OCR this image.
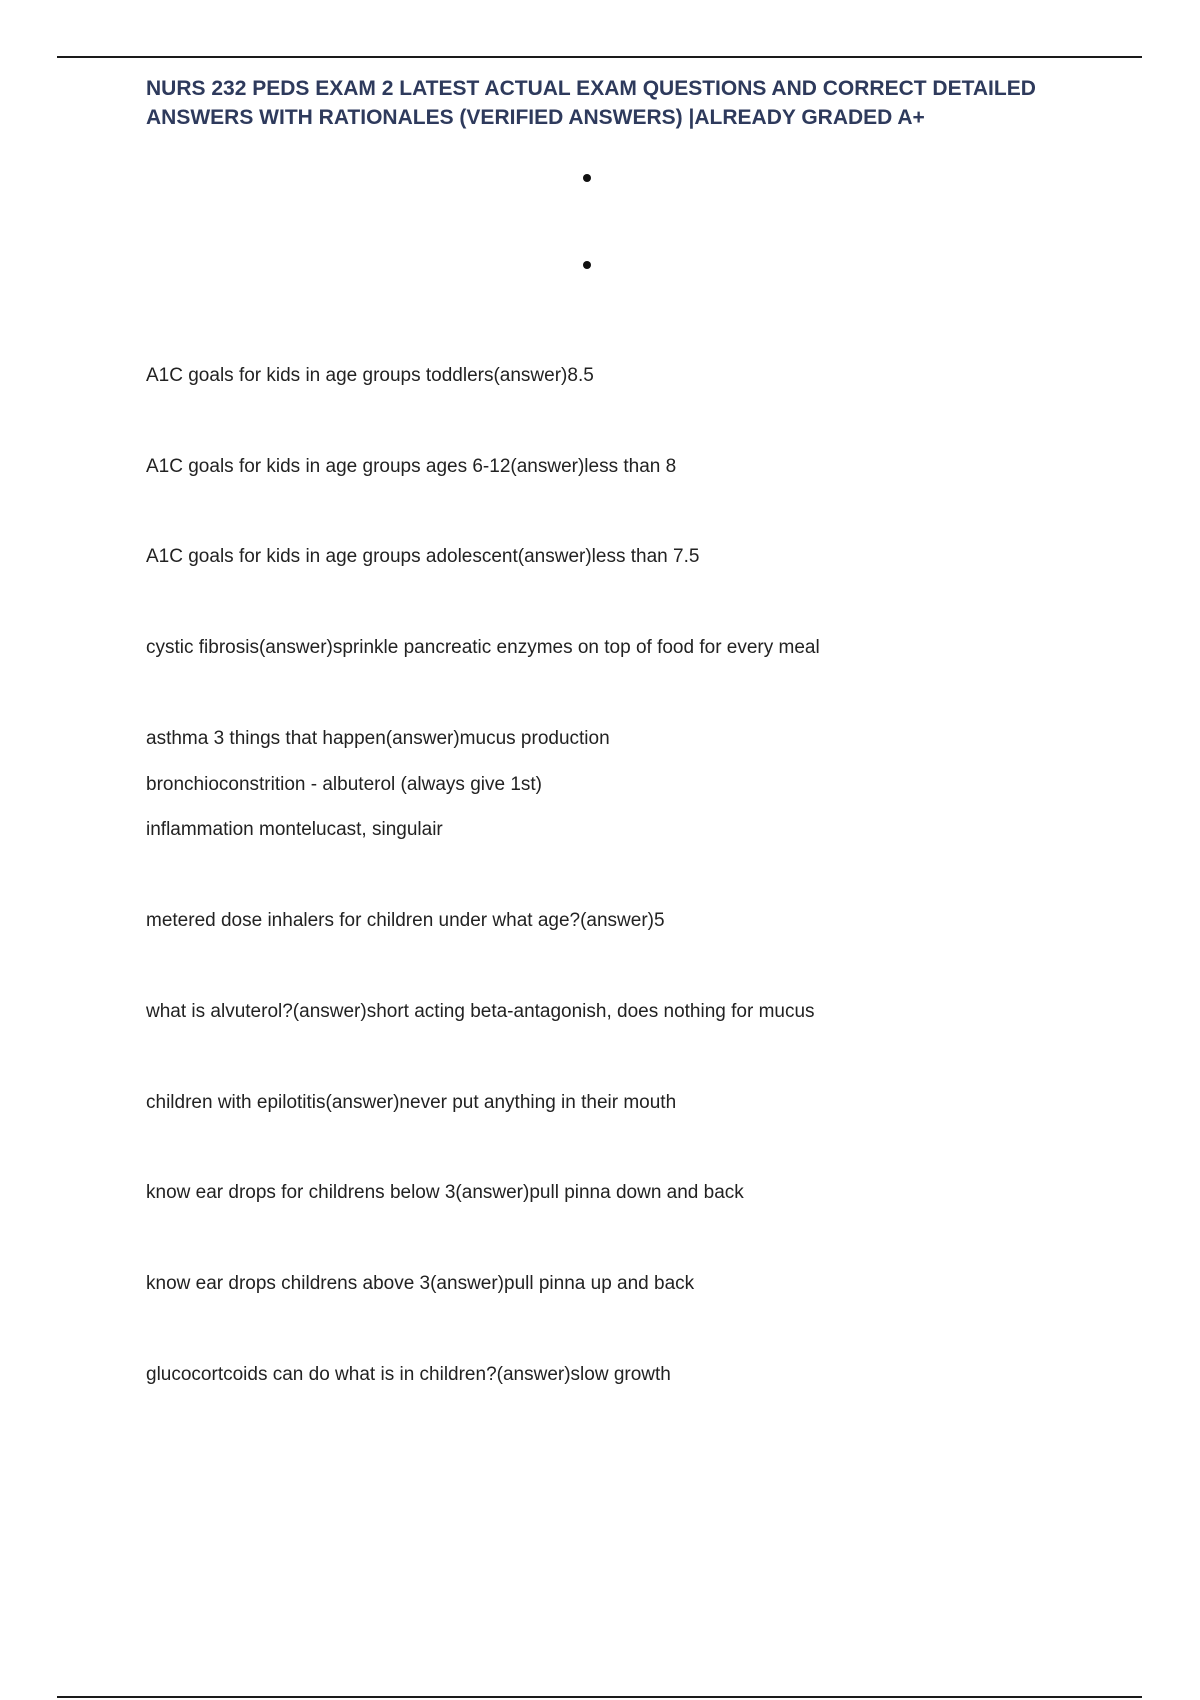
NURS 232 PEDS EXAM 2 LATEST ACTUAL EXAM QUESTIONS AND CORRECT DETAILED
ANSWERS WITH RATIONALES (VERIFIED ANSWERS) |ALREADY GRADED A+

A1C goals for kids in age groups toddlers(answer)8.5

A1C goals for kids in age groups ages 6-12(answer)less than 8

A1C goals for kids in age groups adolescent(answer)less than 7.5

cystic fibrosis(answer)sprinkle pancreatic enzymes on top of food for every meal

asthma 3 things that happen(answer)mucus production

bronchioconstrition - albuterol (always give 1st)

inflammation montelucast, singulair

metered dose inhalers for children under what age?(answer)5

what is alvuterol?(answer)short acting beta-antagonish, does nothing for mucus

children with epilotitis(answer)never put anything in their mouth

know ear drops for childrens below 3(answer)pull pinna down and back

know ear drops childrens above 3(answer)pull pinna up and back

glucocortcoids can do what is in children?(answer)slow growth
